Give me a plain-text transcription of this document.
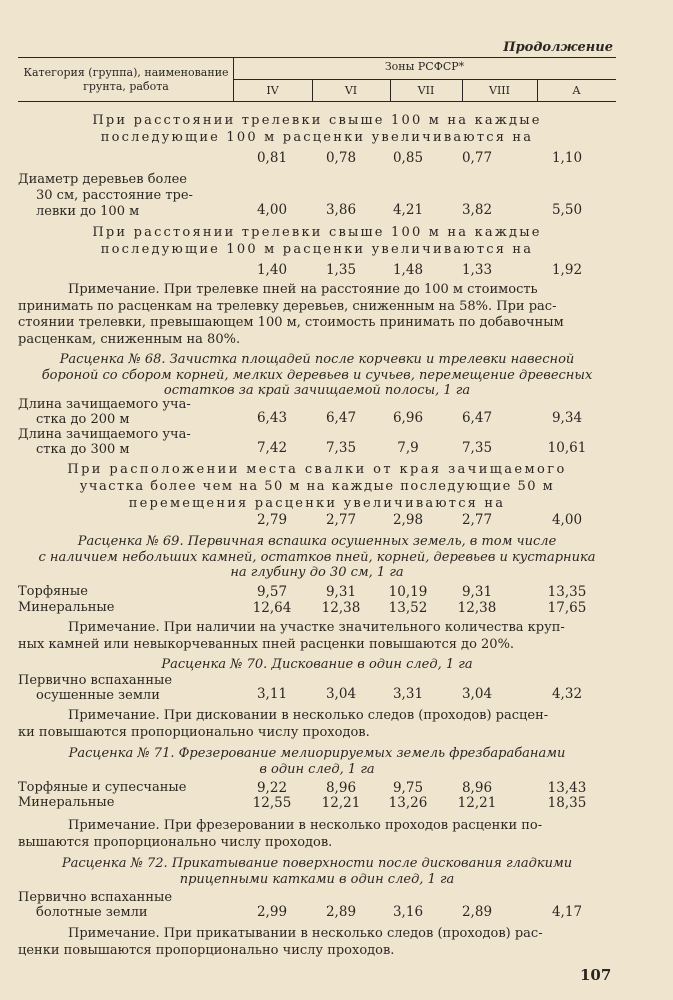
Продолжение
Категория (группа), наименование грунта, работа
Зоны РСФСР*
IV	VI	VII	VIII	A
При расстоянии трелевки свыше 100 м на каждые
последующие 100 м расценки увеличиваются на
0,81	0,78	0,85	0,77	1,10
Диаметр деревьев более
30 см, расстояние тре-
левки до 100 м	4,00	3,86	4,21	3,82	5,50
При расстоянии трелевки свыше 100 м на каждые
последующие 100 м расценки увеличиваются на
1,40	1,35	1,48	1,33	1,92
Примечание. При трелевке пней на расстояние до 100 м стоимость
принимать по расценкам на трелевку деревьев, сниженным на 58%. При рас-
стоянии трелевки, превышающем 100 м, стоимость принимать по добавочным
расценкам, сниженным на 80%.
Расценка № 68. Зачистка площадей после корчевки и трелевки навесной
бороной со сбором корней, мелких деревьев и сучьев, перемещение древесных
остатков за край зачищаемой полосы, 1 га
Длина зачищаемого уча-
стка до 200 м	6,43	6,47	6,96	6,47	9,34
Длина зачищаемого уча-
стка до 300 м	7,42	7,35	7,9	7,35	10,61
При расположении места свалки от края зачищаемого
участка более чем на 50 м на каждые последующие 50 м
перемещения расценки увеличиваются на
2,79	2,77	2,98	2,77	4,00
Расценка № 69. Первичная вспашка осушенных земель, в том числе
с наличием небольших камней, остатков пней, корней, деревьев и кустарника
на глубину до 30 см, 1 га
Торфяные	9,57	9,31	10,19	9,31	13,35
Минеральные	12,64	12,38	13,52	12,38	17,65
Примечание. При наличии на участке значительного количества круп-
ных камней или невыкорчеванных пней расценки повышаются до 20%.
Расценка № 70. Дискование в один след, 1 га
Первично вспаханные
осушенные земли	3,11	3,04	3,31	3,04	4,32
Примечание. При дисковании в несколько следов (проходов) расцен-
ки повышаются пропорционально числу проходов.
Расценка № 71. Фрезерование мелиорируемых земель фрезбарабанами
в один след, 1 га
Торфяные и супесчаные	9,22	8,96	9,75	8,96	13,43
Минеральные	12,55	12,21	13,26	12,21	18,35
Примечание. При фрезеровании в несколько проходов расценки по-
вышаются пропорционально числу проходов.
Расценка № 72. Прикатывание поверхности после дискования гладкими
прицепными катками в один след, 1 га
Первично вспаханные
болотные земли	2,99	2,89	3,16	2,89	4,17
Примечание. При прикатывании в несколько следов (проходов) рас-
ценки повышаются пропорционально числу проходов.
107
